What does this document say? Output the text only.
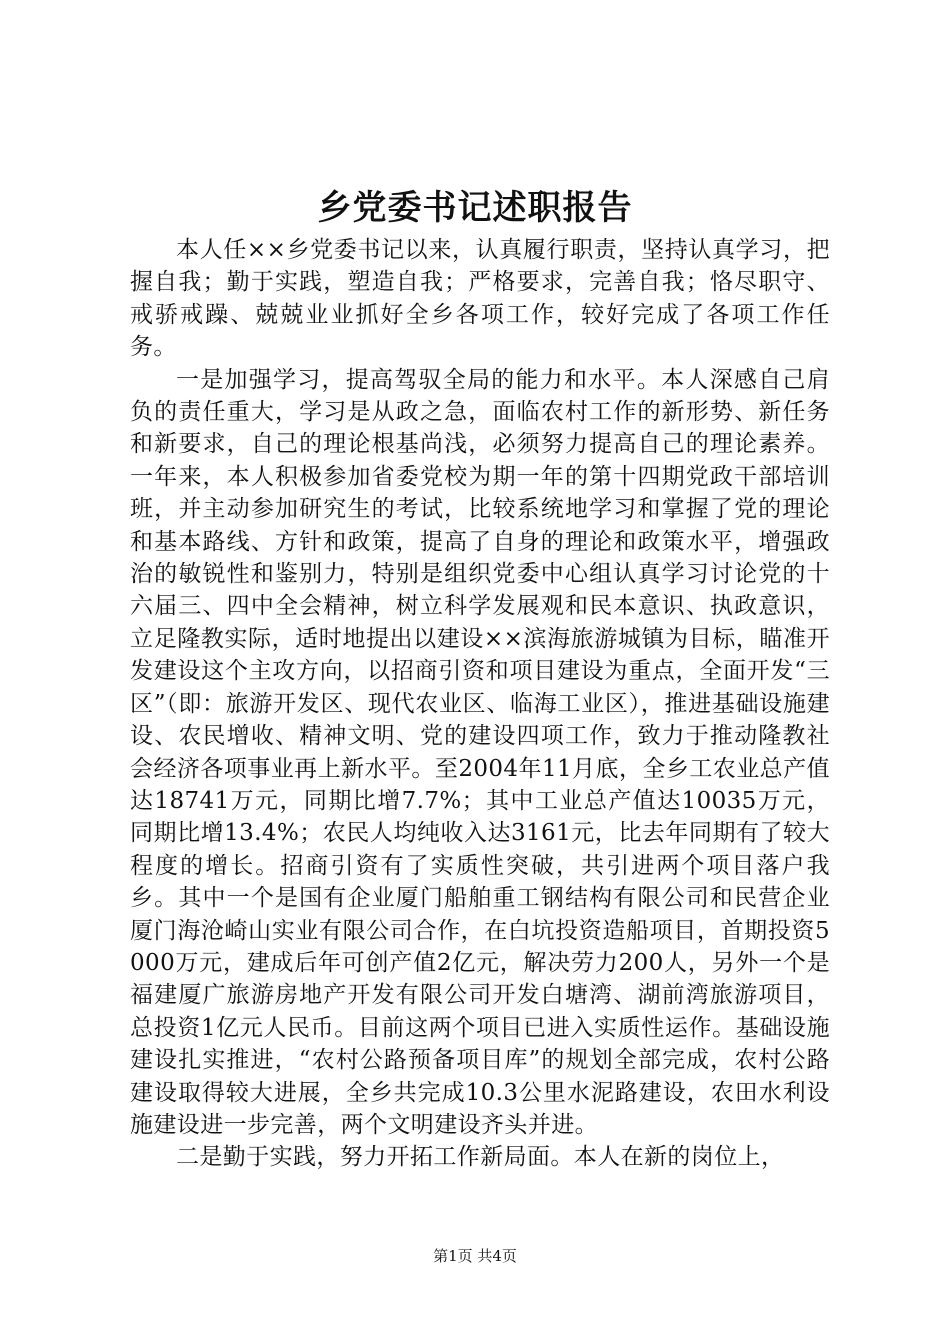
乡党委书记述职报告

本人任××乡党委书记以来，认真履行职责，坚持认真学习，把握自我；勤于实践，塑造自我；严格要求，完善自我；恪尽职守、戒骄戒躁、兢兢业业抓好全乡各项工作，较好完成了各项工作任务。

一是加强学习，提高驾驭全局的能力和水平。本人深感自己肩负的责任重大，学习是从政之急，面临农村工作的新形势、新任务和新要求，自己的理论根基尚浅，必须努力提高自己的理论素养。一年来，本人积极参加省委党校为期一年的第十四期党政干部培训班，并主动参加研究生的考试，比较系统地学习和掌握了党的理论和基本路线、方针和政策，提高了自身的理论和政策水平，增强政治的敏锐性和鉴别力，特别是组织党委中心组认真学习讨论党的十六届三、四中全会精神，树立科学发展观和民本意识、执政意识，立足隆教实际，适时地提出以建设××滨海旅游城镇为目标，瞄准开发建设这个主攻方向，以招商引资和项目建设为重点，全面开发“三区”（即：旅游开发区、现代农业区、临海工业区），推进基础设施建设、农民增收、精神文明、党的建设四项工作，致力于推动隆教社会经济各项事业再上新水平。至2004年11月底，全乡工农业总产值达18741万元，同期比增7.7%；其中工业总产值达10035万元，同期比增13.4%；农民人均纯收入达3161元，比去年同期有了较大程度的增长。招商引资有了实质性突破，共引进两个项目落户我乡。其中一个是国有企业厦门船舶重工钢结构有限公司和民营企业厦门海沧崎山实业有限公司合作，在白坑投资造船项目，首期投资5000万元，建成后年可创产值2亿元，解决劳力200人，另外一个是福建厦广旅游房地产开发有限公司开发白塘湾、湖前湾旅游项目，总投资1亿元人民币。目前这两个项目已进入实质性运作。基础设施建设扎实推进，“农村公路预备项目库”的规划全部完成，农村公路建设取得较大进展，全乡共完成10.3公里水泥路建设，农田水利设施建设进一步完善，两个文明建设齐头并进。

二是勤于实践，努力开拓工作新局面。本人在新的岗位上，

第1页 共4页
